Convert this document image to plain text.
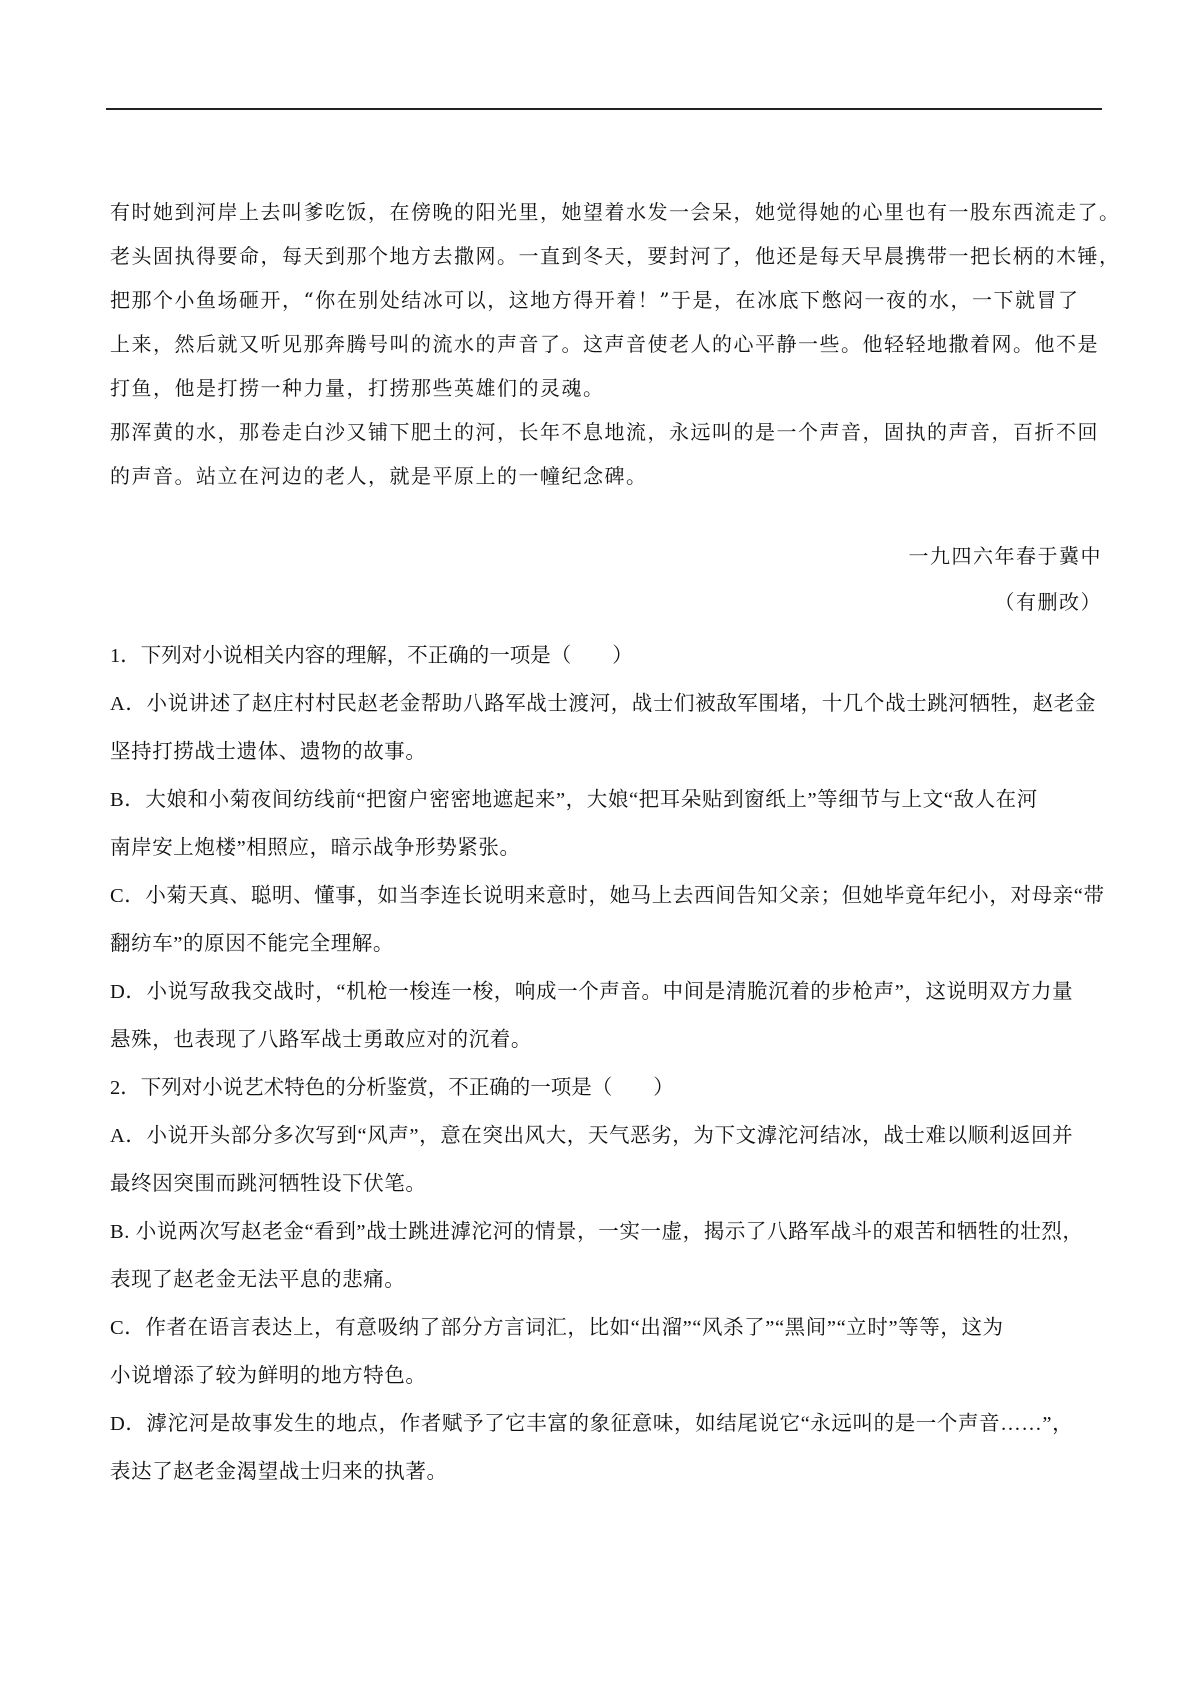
有时她到河岸上去叫爹吃饭，在傍晚的阳光里，她望着水发一会呆，她觉得她的心里也有一股东西流走了。
老头固执得要命，每天到那个地方去撒网。一直到冬天，要封河了，他还是每天早晨携带一把长柄的木锤，
把那个小鱼场砸开，“你在别处结冰可以，这地方得开着！”于是，在冰底下憋闷一夜的水，一下就冒了
上来，然后就又听见那奔腾号叫的流水的声音了。这声音使老人的心平静一些。他轻轻地撒着网。他不是
打鱼，他是打捞一种力量，打捞那些英雄们的灵魂。
那浑黄的水，那卷走白沙又铺下肥土的河，长年不息地流，永远叫的是一个声音，固执的声音，百折不回
的声音。站立在河边的老人，就是平原上的一幢纪念碑。
一九四六年春于冀中
（有删改）
1．下列对小说相关内容的理解，不正确的一项是（　　）
A．小说讲述了赵庄村村民赵老金帮助八路军战士渡河，战士们被敌军围堵，十几个战士跳河牺牲，赵老金
坚持打捞战士遗体、遗物的故事。
B．大娘和小菊夜间纺线前“把窗户密密地遮起来”，大娘“把耳朵贴到窗纸上”等细节与上文“敌人在河
南岸安上炮楼”相照应，暗示战争形势紧张。
C．小菊天真、聪明、懂事，如当李连长说明来意时，她马上去西间告知父亲；但她毕竟年纪小，对母亲“带
翻纺车”的原因不能完全理解。
D．小说写敌我交战时，“机枪一梭连一梭，响成一个声音。中间是清脆沉着的步枪声”，这说明双方力量
悬殊，也表现了八路军战士勇敢应对的沉着。
2．下列对小说艺术特色的分析鉴赏，不正确的一项是（　　）
A．小说开头部分多次写到“风声”，意在突出风大，天气恶劣，为下文滹沱河结冰，战士难以顺利返回并
最终因突围而跳河牺牲设下伏笔。
B. 小说两次写赵老金“看到”战士跳进滹沱河的情景，一实一虚，揭示了八路军战斗的艰苦和牺牲的壮烈，
表现了赵老金无法平息的悲痛。
C．作者在语言表达上，有意吸纳了部分方言词汇，比如“出溜”“风杀了”“黑间”“立时”等等，这为
小说增添了较为鲜明的地方特色。
D．滹沱河是故事发生的地点，作者赋予了它丰富的象征意味，如结尾说它“永远叫的是一个声音……”，
表达了赵老金渴望战士归来的执著。
